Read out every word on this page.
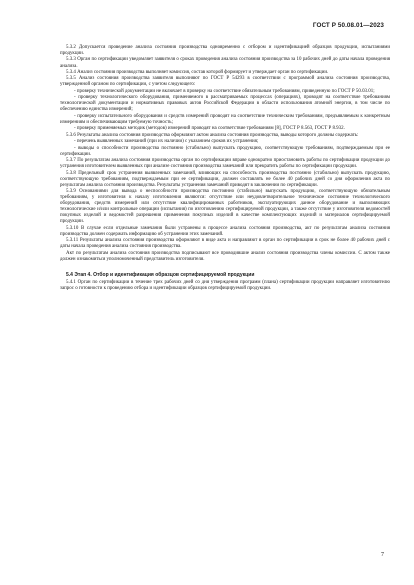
ГОСТ Р 50.08.01—2023

5.3.2 Допускается проведение анализа состояния производства одновременно с отбором и идентификацией образцов продукции, испытаниями продукции.

5.3.3 Орган по сертификации уведомляет заявителя о сроках проведения анализа состояния производства за 10 рабочих дней до даты начала проведения анализа.

5.3.4 Анализ состояния производства выполняет комиссия, состав которой формирует и утверждает орган по сертификации.

5.3.5 Анализ состояния производства заявителя выполняют по ГОСТ Р 54293 в соответствии с программой анализа состояния производства, утвержденной органом по сертификации, с учетом следующего:

- проверку технической документации не включает в проверку на соответствие обязательным требованиям, приведенную по ГОСТ Р 50.03.01;

- проверку технологического оборудования, применяемого в рассматриваемых процессах (операциях), проводят на соответствие требованиям технологической документации и нормативных правовых актов Российской Федерации в области использования атомной энергии, в том числе по обеспечению единства измерений;

- проверку испытательного оборудования и средств измерений проводят на соответствие техническим требованиям, предъявляемым к конкретным измерениям и обеспечивающим требуемую точность;

- проверку применяемых методик (методов) измерений проводят на соответствие требованиям [8], ГОСТ Р 8.563, ГОСТ Р 8.932.

5.3.6 Результаты анализа состояния производства оформляют актом анализа состояния производства, выводы которого должны содержать:

- перечень выявленных замечаний (при их наличии) с указанием сроков их устранения;

- выводы о способности производства постоянно (стабильно) выпускать продукцию, соответствующую требованиям, подтверждаемым при ее сертификации.

5.3.7 По результатам анализа состояния производства орган по сертификации вправе однократно приостановить работы по сертификации продукции до устранения изготовителем выявленных при анализе состояния производства замечаний или прекратить работы по сертификации продукции.

5.3.8 Предельный срок устранения выявленных замечаний, влияющих на способность производства постоянно (стабильно) выпускать продукцию, соответствующую требованиям, подтверждаемым при ее сертификации, должен составлять не более 40 рабочих дней со дня оформления акта по результатам анализа состояния производства. Результаты устранения замечаний приводят в заключении по сертификации.

5.3.9 Основаниями для вывода о неспособности производства постоянно (стабильно) выпускать продукцию, соответствующую обязательным требованиям, у изготовителя к началу изготовления являются: отсутствие или неудовлетворительное техническое состояние технологического оборудования, средств измерений или отсутствие квалифицированных работников, эксплуатирующих данное оборудование и выполняющих технологические и/или контрольные операции (испытания) по изготовлению сертифицируемой продукции, а также отсутствие у изготовителя ведомостей покупных изделий и ведомостей разрешения применения покупных изделий в качестве комплектующих изделий и материалов сертифицируемой продукции.

5.3.10 В случае если отдельные замечания были устранены в процессе анализа состояния производства, акт по результатам анализа состояния производства должен содержать информацию об устранении этих замечаний.

5.3.11 Результаты анализа состояния производства оформляют в виде акта и направляют в орган по сертификации в срок не более 40 рабочих дней с даты начала проведения анализа состояния производства.

Акт по результатам анализа состояния производства подписывают все проводившие анализ состояния производства члены комиссии. С актом также должен ознакомиться уполномоченный представитель изготовителя.

5.4 Этап 4. Отбор и идентификация образцов сертифицируемой продукции

5.4.1 Орган по сертификации в течение трех рабочих дней со дня утверждения программ (плана) сертификации продукции направляет изготовителю запрос о готовности к проведению отбора и идентификации образцов сертифицируемой продукции.

7
